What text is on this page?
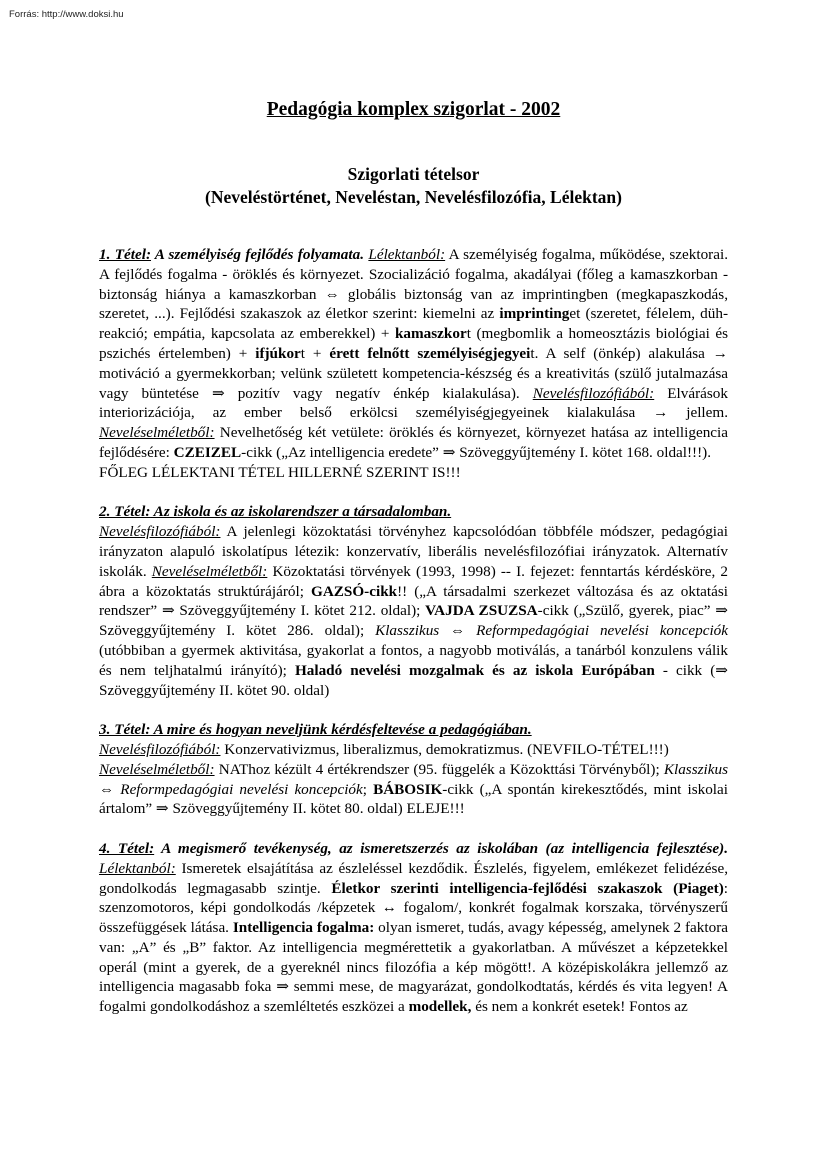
Forrás: http://www.doksi.hu
Pedagógia komplex szigorlat - 2002
Szigorlati tételsor
(Neveléstörténet, Neveléstan, Nevelésfilozófia, Lélektan)

1. Tétel: A személyiség fejlődés folyamata. Lélektanból: A személyiség fogalma, működése, szektorai. A fejlődés fogalma - öröklés és környezet. Szocializáció fogalma, akadályai (főleg a kamaszkorban - biztonság hiánya a kamaszkorban ⇔ globális biztonság van az imprintingben (megkapaszkodás, szeretet, ...). Fejlődési szakaszok az életkor szerint: kiemelni az imprintinget (szeretet, félelem, düh-reakció; empátia, kapcsolata az emberekkel) + kamaszkort (megbomlik a homeosztázis biológiai és pszichés értelemben) + ifjúkort + érett felnőtt személyiségjegyeit. A self (önkép) alakulása → motiváció a gyermekkorban; velünk született kompetencia-készség és a kreativitás (szülő jutalmazása vagy büntetése ⇒ pozitív vagy negatív énkép kialakulása). Nevelésfilozófiából: Elvárások interiorizációja, az ember belső erkölcsi személyiségjegyeinek kialakulása → jellem. Neveléselméletből: Nevelhetőség két vetülete: öröklés és környezet, környezet hatása az intelligencia fejlődésére: CZEIZEL-cikk („Az intelligencia eredete” ⇒ Szöveggyűjtemény I. kötet 168. oldal!!!).
FŐLEG LÉLEKTANI TÉTEL HILLERNÉ SZERINT IS!!!

2. Tétel: Az iskola és az iskolarendszer a társadalomban.
Nevelésfilozófiából: A jelenlegi közoktatási törvényhez kapcsolódóan többféle módszer, pedagógiai irányzaton alapuló iskolatípus létezik: konzervatív, liberális nevelésfilozófiai irányzatok. Alternatív iskolák. Neveléselméletből: Közoktatási törvények (1993, 1998) -- I. fejezet: fenntartás kérdésköre, 2 ábra a közoktatás struktúrájáról; GAZSÓ-cikk!! („A társadalmi szerkezet változása és az oktatási rendszer” ⇒ Szöveggyűjtemény I. kötet 212. oldal); VAJDA ZSUZSA-cikk („Szülő, gyerek, piac” ⇒ Szöveggyűjtemény I. kötet 286. oldal); Klasszikus ⇔ Reformpedagógiai nevelési koncepciók (utóbbiban a gyermek aktivitása, gyakorlat a fontos, a nagyobb motiválás, a tanárból konzulens válik és nem teljhatalmú irányító); Haladó nevelési mozgalmak és az iskola Európában - cikk (⇒ Szöveggyűjtemény II. kötet 90. oldal)

3. Tétel: A mire és hogyan neveljünk kérdésfeltevése a pedagógiában.
Nevelésfilozófiából: Konzervativizmus, liberalizmus, demokratizmus. (NEVFILO-TÉTEL!!!)
Neveléselméletből: NAThoz kézült 4 értékrendszer (95. függelék a Közokttási Törvényből); Klasszikus ⇔ Reformpedagógiai nevelési koncepciók; BÁBOSIK-cikk („A spontán kirekesztődés, mint iskolai ártalom” ⇒ Szöveggyűjtemény II. kötet 80. oldal) ELEJE!!!

4. Tétel: A megismerő tevékenység, az ismeretszerzés az iskolában (az intelligencia fejlesztése). Lélektanból: Ismeretek elsajátítása az észleléssel kezdődik. Észlelés, figyelem, emlékezet felidézése, gondolkodás legmagasabb szintje. Életkor szerinti intelligencia-fejlődési szakaszok (Piaget): szenzomotoros, képi gondolkodás /képzetek ↔ fogalom/, konkrét fogalmak korszaka, törvényszerű összefüggések látása. Intelligencia fogalma: olyan ismeret, tudás, avagy képesség, amelynek 2 faktora van: „A” és „B” faktor. Az intelligencia megmérettetik a gyakorlatban. A művészet a képzetekkel operál (mint a gyerek, de a gyereknél nincs filozófia a kép mögött!. A középiskolákra jellemző az intelligencia magasabb foka ⇒ semmi mese, de magyarázat, gondolkodtatás, kérdés és vita legyen! A fogalmi gondolkodáshoz a szemléltetés eszközei a modellek, és nem a konkrét esetek! Fontos az
